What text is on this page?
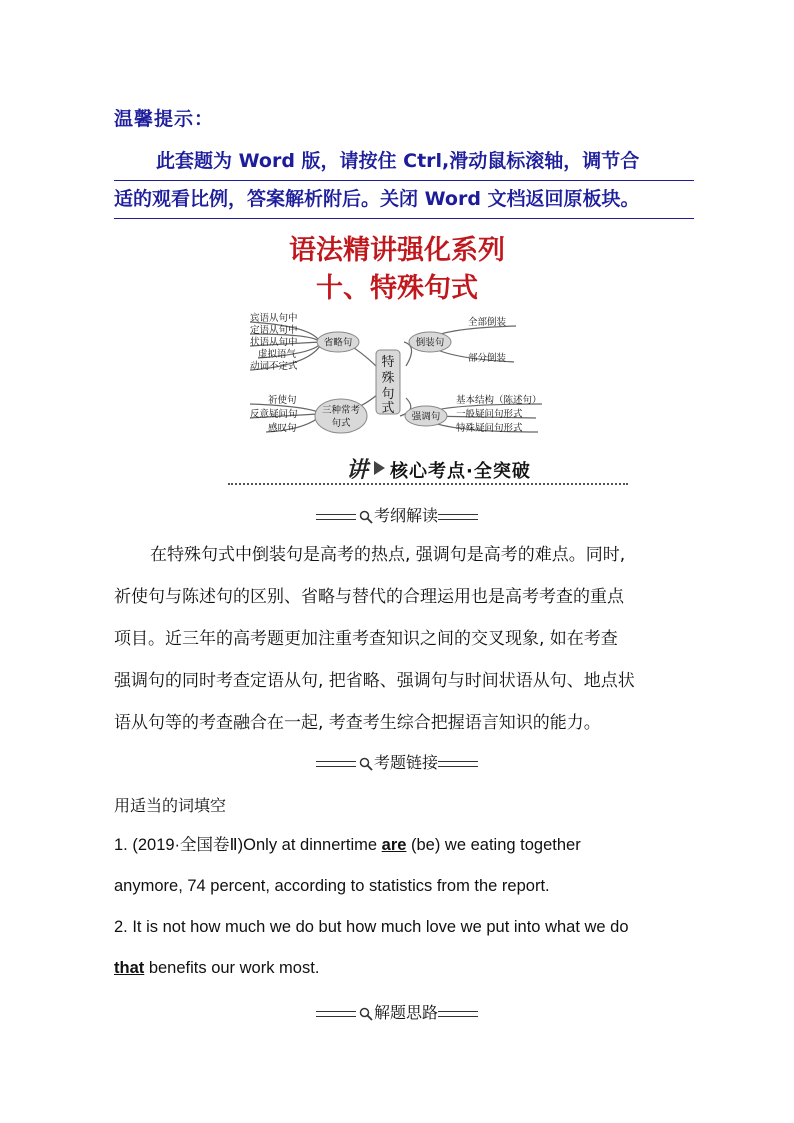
温馨提示：
此套题为 Word 版，请按住 Ctrl,滑动鼠标滚轴，调节合
适的观看比例，答案解析附后。关闭 Word 文档返回原板块。
语法精讲强化系列
十、特殊句式
特
殊
句
式
省略句	倒装句
三种常考
句式
强调句
宾语从句中
定语从句中
状语从句中
虚拟语气
动词不定式
全部倒装
部分倒装
祈使句
反意疑问句
感叹句
基本结构（陈述句）
一般疑问句形式
特殊疑问句形式
讲 核心考点·全突破
考纲解读
在特殊句式中倒装句是高考的热点, 强调句是高考的难点。同时,
祈使句与陈述句的区别、省略与替代的合理运用也是高考考查的重点
项目。近三年的高考题更加注重考查知识之间的交叉现象, 如在考查
强调句的同时考查定语从句, 把省略、强调句与时间状语从句、地点状
语从句等的考查融合在一起, 考查考生综合把握语言知识的能力。
考题链接
用适当的词填空
1. (2019·全国卷Ⅱ)Only at dinnertime are (be) we eating together
anymore, 74 percent, according to statistics from the report.
2. It is not how much we do but how much love we put into what we do
that benefits our work most.
解题思路
